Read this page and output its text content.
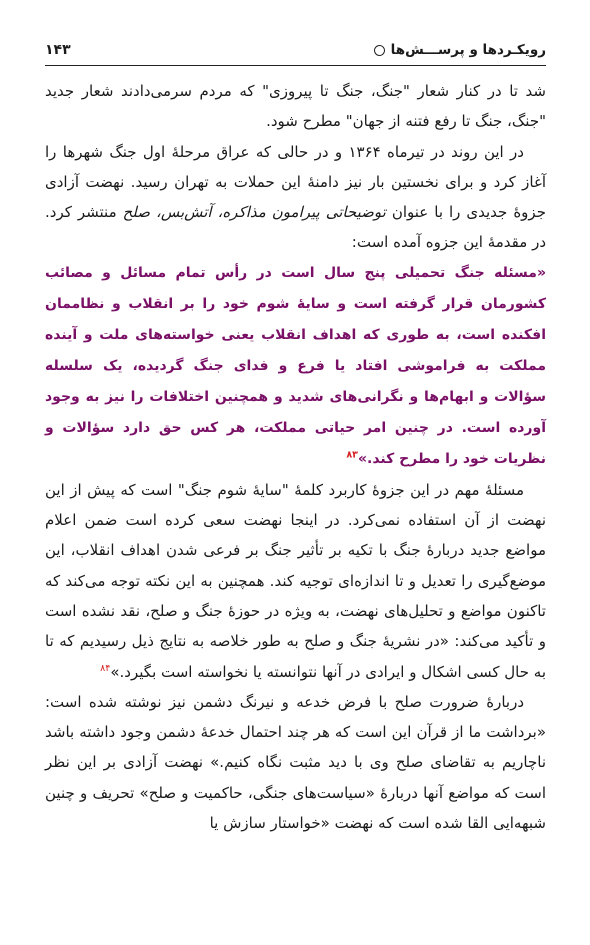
رویکـردها و پرســـش‌ها
۱۴۳

شد تا در کنار شعار "جنگ، جنگ تا پیروزی" که مردم سرمی‌دادند شعار جدید "جنگ، جنگ تا رفع فتنه از جهان" مطرح شود.

در این روند در تیرماه ۱۳۶۴ و در حالی که عراق مرحلهٔ اول جنگ شهرها را آغاز کرد و برای نخستین بار نیز دامنهٔ این حملات به تهران رسید. نهضت آزادی جزوهٔ جدیدی را با عنوان توضیحاتی پیرامون مذاکره، آتش‌بس، صلح منتشر کرد. در مقدمهٔ این جزوه آمده است:

«مسئله جنگ تحمیلی پنج سال است در رأس تمام مسائل و مصائب کشورمان قرار گرفته است و سایهٔ شوم خود را بر انقلاب و نظاممان افکنده است، به طوری که اهداف انقلاب یعنی خواسته‌های ملت و آینده مملکت به فراموشی افتاد یا فرع و فدای جنگ گردیده، یک سلسله سؤالات و ابهام‌ها و نگرانی‌های شدید و همچنین اختلافات را نیز به وجود آورده است. در چنین امر حیاتی مملکت، هر کس حق دارد سؤالات و نظریات خود را مطرح کند.»$^{۸۳}$

مسئلهٔ مهم در این جزوهٔ کاربرد کلمهٔ "سایهٔ شوم جنگ" است که پیش از این نهضت از آن استفاده نمی‌کرد. در اینجا نهضت سعی کرده است ضمن اعلام مواضع جدید دربارهٔ جنگ با تکیه بر تأثیر جنگ بر فرعی شدن اهداف انقلاب، این موضع‌گیری را تعدیل و تا اندازه‌ای توجیه کند. همچنین به این نکته توجه می‌کند که تاکنون مواضع و تحلیل‌های نهضت، به ویژه در حوزهٔ جنگ و صلح، نقد نشده است و تأکید می‌کند: «در نشریهٔ جنگ و صلح به طور خلاصه به نتایج ذیل رسیدیم که تا به حال کسی اشکال و ایرادی در آنها نتوانسته یا نخواسته است بگیرد.»$^{۸۴}$

دربارهٔ ضرورت صلح با فرض خدعه و نیرنگ دشمن نیز نوشته شده است: «برداشت ما از قرآن این است که هر چند احتمال خدعهٔ دشمن وجود داشته باشد ناچاریم به تقاضای صلح وی با دید مثبت نگاه کنیم.» نهضت آزادی بر این نظر است که مواضع آنها دربارهٔ «سیاست‌های جنگی، حاکمیت و صلح» تحریف و چنین شبهه‌ایی القا شده است که نهضت «خواستار سازش یا
